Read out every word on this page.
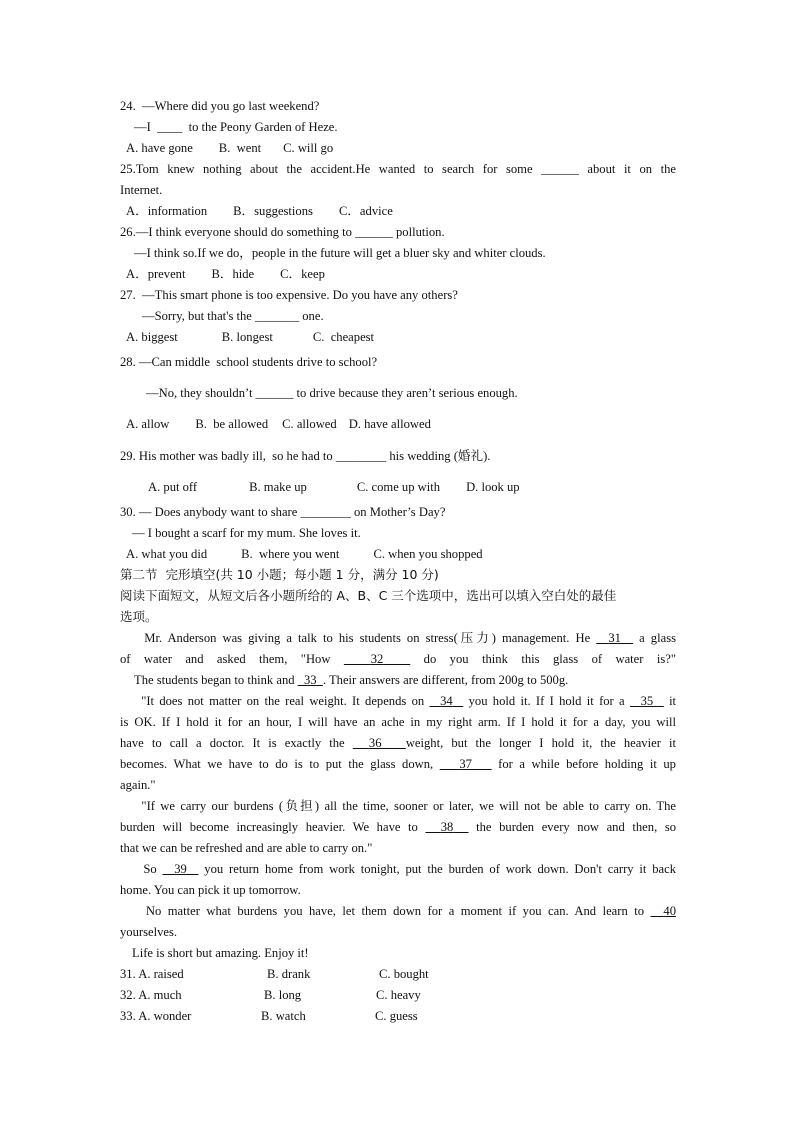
24. —Where did you go last weekend?
—I  ____  to the Peony Garden of Heze.
A. have gone B.  went C. will go
25.Tom knew nothing about the accident.He wanted to search for some ______ about it on the
Internet.
A．information B．suggestions C．advice
26.—I think everyone should do something to ______ pollution.
—I think so.If we do，people in the future will get a bluer sky and whiter clouds.
A．prevent B．hide C．keep
27. —This smart phone is too expensive. Do you have any others?
—Sorry, but that's the _______ one.
A. biggest	B. longest	C.  cheapest
28. —Can middle  school students drive to school?
—No, they shouldn’t ______ to drive because they aren’t serious enough.
A. allow B.  be allowed C. allowed D. have allowed
29. His mother was badly ill,  so he had to ________ his wedding (婚礼).
A. put off	B. make up	C. come up with D. look up
30. — Does anybody want to share ________ on Mother’s Day?
— I bought a scarf for my mum. She loves it.
A. what you did	B.  where you went	C. when you shopped
第二节  完形填空(共 10 小题；每小题 1 分，满分 10 分)
阅读下面短文，从短文后各小题所给的 A、B、C 三个选项中，选出可以填入空白处的最佳
选项。
Mr. Anderson was giving a talk to his students on stress(压力) management. He   31   a glass
of water and asked them, "How   32   do you think this glass of water is?"
The students began to think and   33 . Their answers are different, from 200g to 500g.
"It does not matter on the real weight. It depends on   34   you hold it. If I hold it for a   35   it
is OK. If I hold it for an hour, I will have an ache in my right arm. If I hold it for a day, you will
have to call a doctor. It is exactly the   36 weight, but the longer I hold it, the heavier it
becomes. What we have to do is to put the glass down,    37    for a while before holding it up
again."
"If we carry our burdens (负担) all the time, sooner or later, we will not be able to carry on. The
burden will become increasingly heavier. We have to   38   the burden every now and then, so
that we can be refreshed and are able to carry on."
So   39   you return home from work tonight, put the burden of work down. Don't carry it back
home. You can pick it up tomorrow.
No matter what burdens you have, let them down for a moment if you can. And learn to   40
yourselves.
Life is short but amazing. Enjoy it!
31. A. raised	B. drank	C. bought
32. A. much	B. long	C. heavy
33. A. wonder	B. watch	C. guess
